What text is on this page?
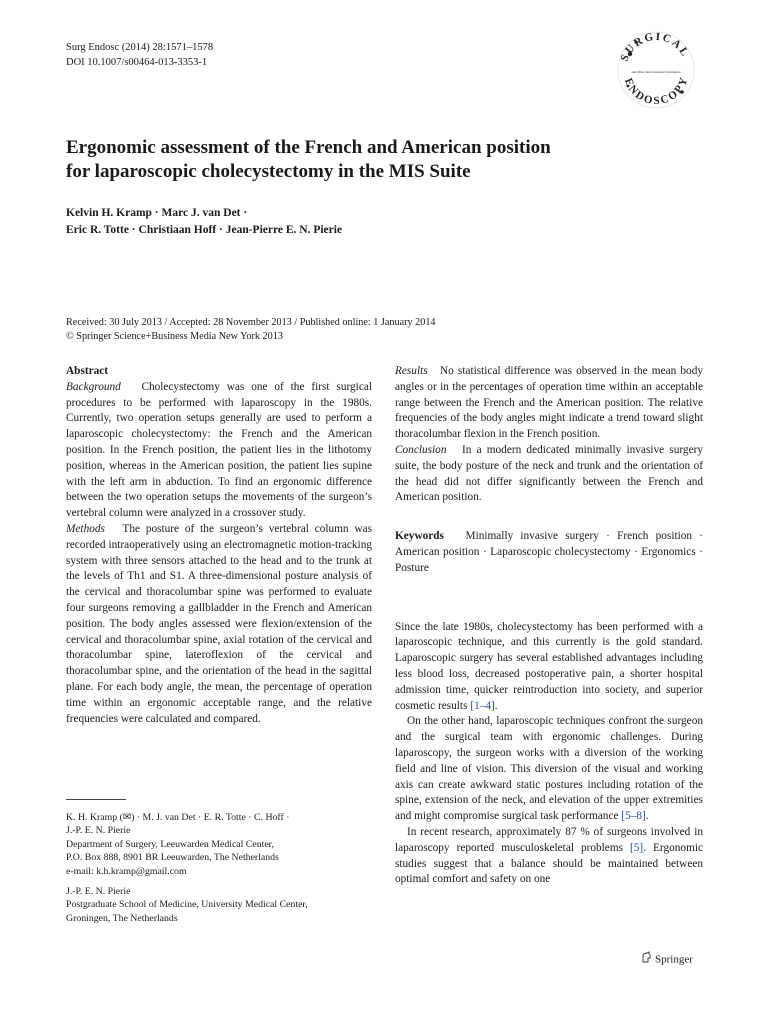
Surg Endosc (2014) 28:1571–1578
DOI 10.1007/s00464-013-3353-1	SURGICAL
and Other Interventional Techniques
ENDOSCOPY
Ergonomic assessment of the French and American position
for laparoscopic cholecystectomy in the MIS Suite
Kelvin H. Kramp · Marc J. van Det ·
Eric R. Totte · Christiaan Hoff · Jean-Pierre E. N. Pierie
Received: 30 July 2013 / Accepted: 28 November 2013 / Published online: 1 January 2014
© Springer Science+Business Media New York 2013
Abstract

Background Cholecystectomy was one of the first surgical procedures to be performed with laparoscopy in the 1980s. Currently, two operation setups generally are used to perform a laparoscopic cholecystectomy: the French and the American position. In the French position, the patient lies in the lithotomy position, whereas in the American position, the patient lies supine with the left arm in abduction. To find an ergonomic difference between the two operation setups the movements of the surgeon’s vertebral column were analyzed in a crossover study.

Methods The posture of the surgeon’s vertebral column was recorded intraoperatively using an electromagnetic motion-tracking system with three sensors attached to the head and to the trunk at the levels of Th1 and S1. A three-dimensional posture analysis of the cervical and thoracolumbar spine was performed to evaluate four surgeons removing a gallbladder in the French and American position. The body angles assessed were flexion/extension of the cervical and thoracolumbar spine, axial rotation of the cervical and thoracolumbar spine, lateroflexion of the cervical and thoracolumbar spine, and the orientation of the head in the sagittal plane. For each body angle, the mean, the percentage of operation time within an ergonomic acceptable range, and the relative frequencies were calculated and compared.

K. H. Kramp (✉) · M. J. van Det · E. R. Totte · C. Hoff ·
J.-P. E. N. Pierie
Department of Surgery, Leeuwarden Medical Center,
P.O. Box 888, 8901 BR Leeuwarden, The Netherlands
e-mail: k.h.kramp@gmail.com
J.-P. E. N. Pierie
Postgraduate School of Medicine, University Medical Center,
Groningen, The Netherlands

Results No statistical difference was observed in the mean body angles or in the percentages of operation time within an acceptable range between the French and the American position. The relative frequencies of the body angles might indicate a trend toward slight thoracolumbar flexion in the French position.

Conclusion In a modern dedicated minimally invasive surgery suite, the body posture of the neck and trunk and the orientation of the head did not differ significantly between the French and American position.

Keywords Minimally invasive surgery · French position · American position · Laparoscopic cholecystectomy · Ergonomics · Posture

Since the late 1980s, cholecystectomy has been performed with a laparoscopic technique, and this currently is the gold standard. Laparoscopic surgery has several established advantages including less blood loss, decreased postoperative pain, a shorter hospital admission time, quicker reintroduction into society, and superior cosmetic results [1–4].

On the other hand, laparoscopic techniques confront the surgeon and the surgical team with ergonomic challenges. During laparoscopy, the surgeon works with a diversion of the working field and line of vision. This diversion of the visual and working axis can create awkward static postures including rotation of the spine, extension of the neck, and elevation of the upper extremities and might compromise surgical task performance [5–8].

In recent research, approximately 87 % of surgeons involved in laparoscopy reported musculoskeletal problems [5]. Ergonomic studies suggest that a balance should be maintained between optimal comfort and safety on one

Springer
